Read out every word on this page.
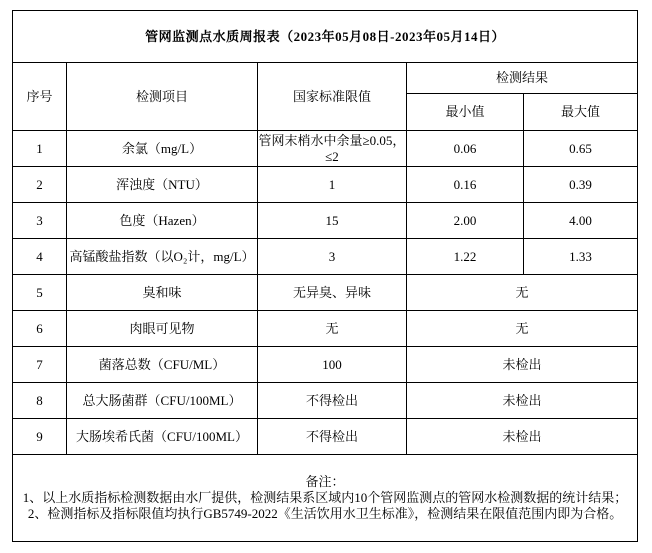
管网监测点水质周报表（2023年05月08日-2023年05月14日）				
序号	检测项目	国家标准限值	检测结果	
			最小值	最大值
1	余氯（mg/L）	管网末梢水中余量≥0.05，≤2	0.06	0.65
2	浑浊度（NTU）	1	0.16	0.39
3	色度（Hazen）	15	2.00	4.00
4	高锰酸盐指数（以O₂计，mg/L）	3	1.22	1.33
5	臭和味	无异臭、异味	无	
6	肉眼可见物	无	无	
7	菌落总数（CFU/ML）	100	未检出	
8	总大肠菌群（CFU/100ML）	不得检出	未检出	
9	大肠埃希氏菌（CFU/100ML）	不得检出	未检出	

备注：
1、以上水质指标检测数据由水厂提供，检测结果系区域内10个管网监测点的管网水检测数据的统计结果；
2、检测指标及指标限值均执行GB5749-2022《生活饮用水卫生标准》，检测结果在限值范围内即为合格。				
